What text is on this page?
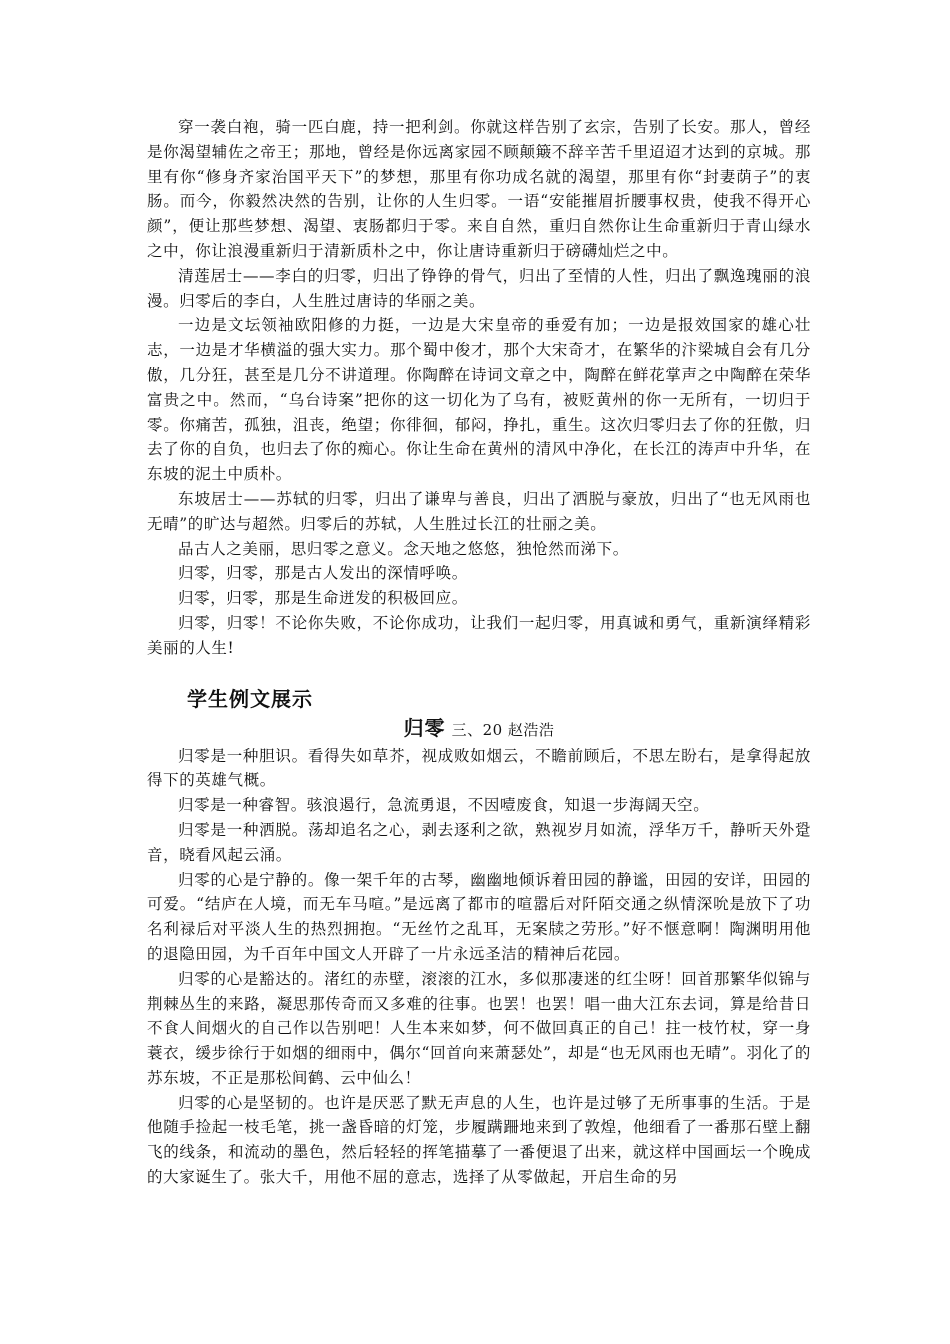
穿一袭白袍，骑一匹白鹿，持一把利剑。你就这样告别了玄宗，告别了长安。那人，曾经是你渴望辅佐之帝王；那地，曾经是你远离家园不顾颠簸不辞辛苦千里迢迢才达到的京城。那里有你“修身齐家治国平天下”的梦想，那里有你功成名就的渴望，那里有你“封妻荫子”的衷肠。而今，你毅然决然的告别，让你的人生归零。一语“安能摧眉折腰事权贵，使我不得开心颜”，便让那些梦想、渴望、衷肠都归于零。来自自然，重归自然你让生命重新归于青山绿水之中，你让浪漫重新归于清新质朴之中，你让唐诗重新归于磅礴灿烂之中。

清莲居士——李白的归零，归出了铮铮的骨气，归出了至情的人性，归出了飘逸瑰丽的浪漫。归零后的李白，人生胜过唐诗的华丽之美。

一边是文坛领袖欧阳修的力挺，一边是大宋皇帝的垂爱有加；一边是报效国家的雄心壮志，一边是才华横溢的强大实力。那个蜀中俊才，那个大宋奇才，在繁华的汴梁城自会有几分傲，几分狂，甚至是几分不讲道理。你陶醉在诗词文章之中，陶醉在鲜花掌声之中陶醉在荣华富贵之中。然而，“乌台诗案”把你的这一切化为了乌有，被贬黄州的你一无所有，一切归于零。你痛苦，孤独，沮丧，绝望；你徘徊，郁闷，挣扎，重生。这次归零归去了你的狂傲，归去了你的自负，也归去了你的痴心。你让生命在黄州的清风中净化，在长江的涛声中升华，在东坡的泥土中质朴。

东坡居士——苏轼的归零，归出了谦卑与善良，归出了洒脱与豪放，归出了“也无风雨也无晴”的旷达与超然。归零后的苏轼，人生胜过长江的壮丽之美。

品古人之美丽，思归零之意义。念天地之悠悠，独怆然而涕下。

归零，归零，那是古人发出的深情呼唤。

归零，归零，那是生命迸发的积极回应。

归零，归零！不论你失败，不论你成功，让我们一起归零，用真诚和勇气，重新演绎精彩美丽的人生!

学生例文展示
归零 三、20 赵浩浩

归零是一种胆识。看得失如草芥，视成败如烟云，不瞻前顾后，不思左盼右，是拿得起放得下的英雄气概。

归零是一种睿智。骇浪遏行，急流勇退，不因噎废食，知退一步海阔天空。

归零是一种洒脱。荡却追名之心，剥去逐利之欲，熟视岁月如流，浮华万千，静听天外跫音，晓看风起云涌。

归零的心是宁静的。像一架千年的古琴，幽幽地倾诉着田园的静谧，田园的安详，田园的可爱。“结庐在人境，而无车马喧。”是远离了都市的喧嚣后对阡陌交通之纵情深吮是放下了功名利禄后对平淡人生的热烈拥抱。“无丝竹之乱耳，无案牍之劳形。”好不惬意啊！陶渊明用他的退隐田园，为千百年中国文人开辟了一片永远圣洁的精神后花园。

归零的心是豁达的。渚红的赤壁，滚滚的江水，多似那凄迷的红尘呀！回首那繁华似锦与荆棘丛生的来路，凝思那传奇而又多难的往事。也罢！也罢！唱一曲大江东去词，算是给昔日不食人间烟火的自己作以告别吧！人生本来如梦，何不做回真正的自己！拄一枝竹杖，穿一身蓑衣，缓步徐行于如烟的细雨中，偶尔“回首向来萧瑟处”，却是“也无风雨也无晴”。羽化了的苏东坡，不正是那松间鹤、云中仙么！

归零的心是坚韧的。也许是厌恶了默无声息的人生，也许是过够了无所事事的生活。于是他随手捡起一枝毛笔，挑一盏昏暗的灯笼，步履蹒跚地来到了敦煌，他细看了一番那石壁上翻飞的线条，和流动的墨色，然后轻轻的挥笔描摹了一番便退了出来，就这样中国画坛一个晚成的大家诞生了。张大千，用他不屈的意志，选择了从零做起，开启生命的另
